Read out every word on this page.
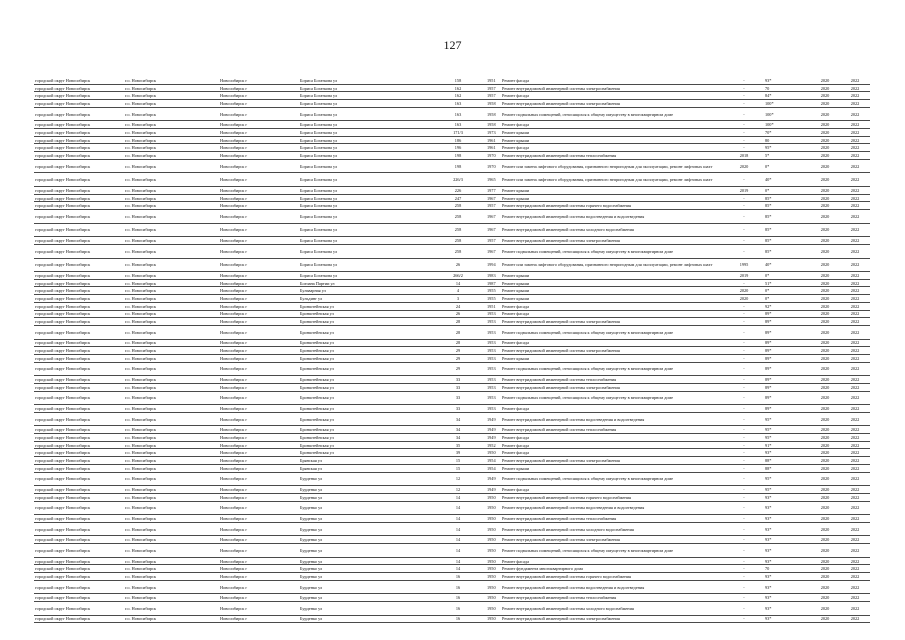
127
городской округ Новосибирск	г.о. Новосибирск	Новосибирск г	Бориса Богаткова ул	158	1951	Ремонт фасада	-	93*	2020	2022
городской округ Новосибирск	г.о. Новосибирск	Новосибирск г	Бориса Богаткова ул	162	1957	Ремонт внутридомовой инженерной системы электроснабжения	-	70	2020	2022
городской округ Новосибирск	г.о. Новосибирск	Новосибирск г	Бориса Богаткова ул	162	1957	Ремонт фасада	-	84*	2020	2022
городской округ Новосибирск	г.о. Новосибирск	Новосибирск г	Бориса Богаткова ул	163	1958	Ремонт внутридомовой инженерной системы электроснабжения	-	100*	2020	2022
городской округ Новосибирск	г.о. Новосибирск	Новосибирск г	Бориса Богаткова ул	163	1958	Ремонт подвальных помещений, относящихся к общему имуществу в многоквартирном доме	-	100*	2020	2022
городской округ Новосибирск	г.о. Новосибирск	Новосибирск г	Бориса Богаткова ул	163	1958	Ремонт фасада	-	100*	2020	2022
городской округ Новосибирск	г.о. Новосибирск	Новосибирск г	Бориса Богаткова ул	171/3	1973	Ремонт крыши	-	70*	2020	2022
городской округ Новосибирск	г.о. Новосибирск	Новосибирск г	Бориса Богаткова ул	186	1961	Ремонт крыши	-	80	2020	2022
городской округ Новосибирск	г.о. Новосибирск	Новосибирск г	Бориса Богаткова ул	196	1961	Ремонт фасада	-	95*	2020	2022
городской округ Новосибирск	г.о. Новосибирск	Новосибирск г	Бориса Богаткова ул	198	1970	Ремонт внутридомовой инженерной системы теплоснабжения	2018	5*	2020	2022
городской округ Новосибирск	г.о. Новосибирск	Новосибирск г	Бориса Богаткова ул	198	1970	Ремонт или замена лифтового оборудования, признанного непригодным для эксплуатации, ремонт лифтовых шахт	2020	0*	2020	2022
городской округ Новосибирск	г.о. Новосибирск	Новосибирск г	Бориса Богаткова ул	226/3	1965	Ремонт или замена лифтового оборудования, признанного непригодным для эксплуатации, ремонт лифтовых шахт	-	40*	2020	2022
городской округ Новосибирск	г.о. Новосибирск	Новосибирск г	Бориса Богаткова ул	226	1977	Ремонт крыши	2019	0*	2020	2022
городской округ Новосибирск	г.о. Новосибирск	Новосибирск г	Бориса Богаткова ул	247	1967	Ремонт крыши	-	85*	2020	2022
городской округ Новосибирск	г.о. Новосибирск	Новосибирск г	Бориса Богаткова ул	258	1957	Ремонт внутридомовой инженерной системы горячего водоснабжения	-	85*	2020	2022
городской округ Новосибирск	г.о. Новосибирск	Новосибирск г	Бориса Богаткова ул	258	1967	Ремонт внутридомовой инженерной системы водоотведения и водоотведения	-	85*	2020	2022
городской округ Новосибирск	г.о. Новосибирск	Новосибирск г	Бориса Богаткова ул	258	1967	Ремонт внутридомовой инженерной системы холодного водоснабжения	-	85*	2020	2022
городской округ Новосибирск	г.о. Новосибирск	Новосибирск г	Бориса Богаткова ул	258	1957	Ремонт внутридомовой инженерной системы электроснабжения	-	85*	2020	2022
городской округ Новосибирск	г.о. Новосибирск	Новосибирск г	Бориса Богаткова ул	258	1967	Ремонт подвальных помещений, относящихся к общему имуществу в многоквартирном доме	-	85*	2020	2022
городской округ Новосибирск	г.о. Новосибирск	Новосибирск г	Бориса Богаткова ул	26	1994	Ремонт или замена лифтового оборудования, признанного непригодным для эксплуатации, ремонт лифтовых шахт	1995	40*	2020	2022
городской округ Новосибирск	г.о. Новосибирск	Новосибирск г	Бориса Богаткова ул	266/2	1983	Ремонт крыши	2019	0*	2020	2022
городской округ Новосибирск	г.о. Новосибирск	Новосибирск г	Бохчана Партии ул	14	1987	Ремонт крыши	-	51*	2020	2022
городской округ Новосибирск	г.о. Новосибирск	Новосибирск г	Бульварная ул	4	1955	Ремонт крыши	2020	0*	2020	2022
городской округ Новосибирск	г.о. Новосибирск	Новосибирск г	Бульдинг ул	3	1955	Ремонт крыши	2020	0*	2020	2022
городской округ Новосибирск	г.о. Новосибирск	Новосибирск г	Бронштейнская ул	24	1951	Ремонт фасада	-	92*	2020	2022
городской округ Новосибирск	г.о. Новосибирск	Новосибирск г	Бронштейнская ул	26	1953	Ремонт фасада	-	89*	2020	2022
городской округ Новосибирск	г.о. Новосибирск	Новосибирск г	Бронштейнская ул	28	1953	Ремонт внутридомовой инженерной системы электроснабжения	-	89*	2020	2022
городской округ Новосибирск	г.о. Новосибирск	Новосибирск г	Бронштейнская ул	28	1953	Ремонт подвальных помещений, относящихся к общему имуществу в многоквартирном доме	-	89*	2020	2022
городской округ Новосибирск	г.о. Новосибирск	Новосибирск г	Бронштейнская ул	28	1953	Ремонт фасада	-	89*	2020	2022
городской округ Новосибирск	г.о. Новосибирск	Новосибирск г	Бронштейнская ул	29	1953	Ремонт внутридомовой инженерной системы электроснабжения	-	89*	2020	2022
городской округ Новосибирск	г.о. Новосибирск	Новосибирск г	Бронштейнская ул	29	1953	Ремонт крыши	-	89*	2020	2022
городской округ Новосибирск	г.о. Новосибирск	Новосибирск г	Бронштейнская ул	29	1953	Ремонт подвальных помещений, относящихся к общему имуществу в многоквартирном доме	-	89*	2020	2022
городской округ Новосибирск	г.о. Новосибирск	Новосибирск г	Бронштейнская ул	33	1953	Ремонт внутридомовой инженерной системы теплоснабжения	-	89*	2020	2022
городской округ Новосибирск	г.о. Новосибирск	Новосибирск г	Бронштейнская ул	33	1953	Ремонт внутридомовой инженерной системы электроснабжения	-	89*	2020	2022
городской округ Новосибирск	г.о. Новосибирск	Новосибирск г	Бронштейнская ул	33	1953	Ремонт подвальных помещений, относящихся к общему имуществу в многоквартирном доме	-	89*	2020	2022
городской округ Новосибирск	г.о. Новосибирск	Новосибирск г	Бронштейнская ул	33	1953	Ремонт фасада	-	89*	2020	2022
городской округ Новосибирск	г.о. Новосибирск	Новосибирск г	Бронштейнская ул	34	1949	Ремонт внутридомовой инженерной системы водоотведения и водоотведения	-	95*	2020	2022
городской округ Новосибирск	г.о. Новосибирск	Новосибирск г	Бронштейнская ул	34	1949	Ремонт внутридомовой инженерной системы теплоснабжения	-	95*	2020	2022
городской округ Новосибирск	г.о. Новосибирск	Новосибирск г	Бронштейнская ул	34	1949	Ремонт фасада	-	95*	2020	2022
городской округ Новосибирск	г.о. Новосибирск	Новосибирск г	Бронштейнская ул	35	1952	Ремонт фасада	-	91*	2020	2022
городской округ Новосибирск	г.о. Новосибирск	Новосибирск г	Бронштейнская ул	39	1950	Ремонт фасада	-	93*	2020	2022
городской округ Новосибирск	г.о. Новосибирск	Новосибирск г	Брянская ул	15	1954	Ремонт внутридомовой инженерной системы электроснабжения	-	88*	2020	2022
городской округ Новосибирск	г.о. Новосибирск	Новосибирск г	Брянская ул	15	1954	Ремонт крыши	-	88*	2020	2022
городской округ Новосибирск	г.о. Новосибирск	Новосибирск г	Бурденко ул	12	1949	Ремонт подвальных помещений, относящихся к общему имуществу в многоквартирном доме	-	95*	2020	2022
городской округ Новосибирск	г.о. Новосибирск	Новосибирск г	Бурденко ул	12	1949	Ремонт фасада	-	95*	2020	2022
городской округ Новосибирск	г.о. Новосибирск	Новосибирск г	Бурденко ул	14	1950	Ремонт внутридомовой инженерной системы горячего водоснабжения	-	93*	2020	2022
городской округ Новосибирск	г.о. Новосибирск	Новосибирск г	Бурденко ул	14	1950	Ремонт внутридомовой инженерной системы водоотведения и водоотведения	-	93*	2020	2022
городской округ Новосибирск	г.о. Новосибирск	Новосибирск г	Бурденко ул	14	1950	Ремонт внутридомовой инженерной системы теплоснабжения	-	93*	2020	2022
городской округ Новосибирск	г.о. Новосибирск	Новосибирск г	Бурденко ул	14	1950	Ремонт внутридомовой инженерной системы холодного водоснабжения	-	93*	2020	2022
городской округ Новосибирск	г.о. Новосибирск	Новосибирск г	Бурденко ул	14	1950	Ремонт внутридомовой инженерной системы электроснабжения	-	93*	2020	2022
городской округ Новосибирск	г.о. Новосибирск	Новосибирск г	Бурденко ул	14	1950	Ремонт подвальных помещений, относящихся к общему имуществу в многоквартирном доме	-	93*	2020	2022
городской округ Новосибирск	г.о. Новосибирск	Новосибирск г	Бурденко ул	14	1950	Ремонт фасада	-	93*	2020	2022
городской округ Новосибирск	г.о. Новосибирск	Новосибирск г	Бурденко ул	14	1950	Ремонт фундамента многоквартирного дома	-	70	2020	2022
городской округ Новосибирск	г.о. Новосибирск	Новосибирск г	Бурденко ул	16	1950	Ремонт внутридомовой инженерной системы горячего водоснабжения	-	93*	2020	2022
городской округ Новосибирск	г.о. Новосибирск	Новосибирск г	Бурденко ул	16	1950	Ремонт внутридомовой инженерной системы водоотведения и водоотведения	-	93*	2020	2022
городской округ Новосибирск	г.о. Новосибирск	Новосибирск г	Бурденко ул	16	1950	Ремонт внутридомовой инженерной системы теплоснабжения	-	93*	2020	2022
городской округ Новосибирск	г.о. Новосибирск	Новосибирск г	Бурденко ул	16	1950	Ремонт внутридомовой инженерной системы холодного водоснабжения	-	93*	2020	2022
городской округ Новосибирск	г.о. Новосибирск	Новосибирск г	Бурденко ул	16	1950	Ремонт внутридомовой инженерной системы электроснабжения	-	93*	2020	2022
